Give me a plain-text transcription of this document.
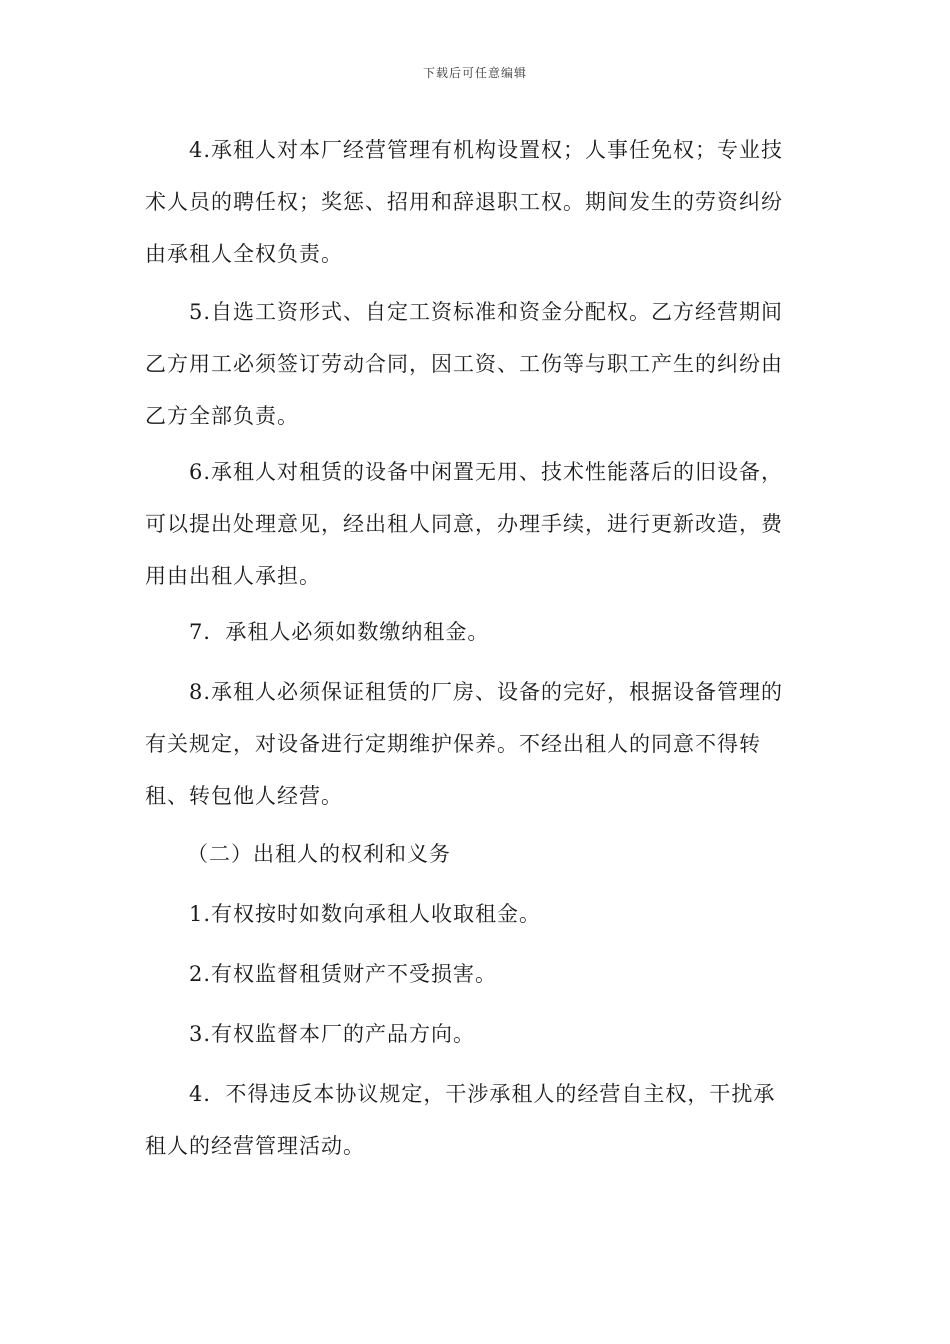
下载后可任意编辑

4.承租人对本厂经营管理有机构设置权；人事任免权；专业技术人员的聘任权；奖惩、招用和辞退职工权。期间发生的劳资纠纷由承租人全权负责。

5.自选工资形式、自定工资标准和资金分配权。乙方经营期间乙方用工必须签订劳动合同，因工资、工伤等与职工产生的纠纷由乙方全部负责。

6.承租人对租赁的设备中闲置无用、技术性能落后的旧设备，可以提出处理意见，经出租人同意，办理手续，进行更新改造，费用由出租人承担。

7．承租人必须如数缴纳租金。

8.承租人必须保证租赁的厂房、设备的完好，根据设备管理的有关规定，对设备进行定期维护保养。不经出租人的同意不得转租、转包他人经营。

（二）出租人的权利和义务

1.有权按时如数向承租人收取租金。

2.有权监督租赁财产不受损害。

3.有权监督本厂的产品方向。

4．不得违反本协议规定，干涉承租人的经营自主权，干扰承租人的经营管理活动。
